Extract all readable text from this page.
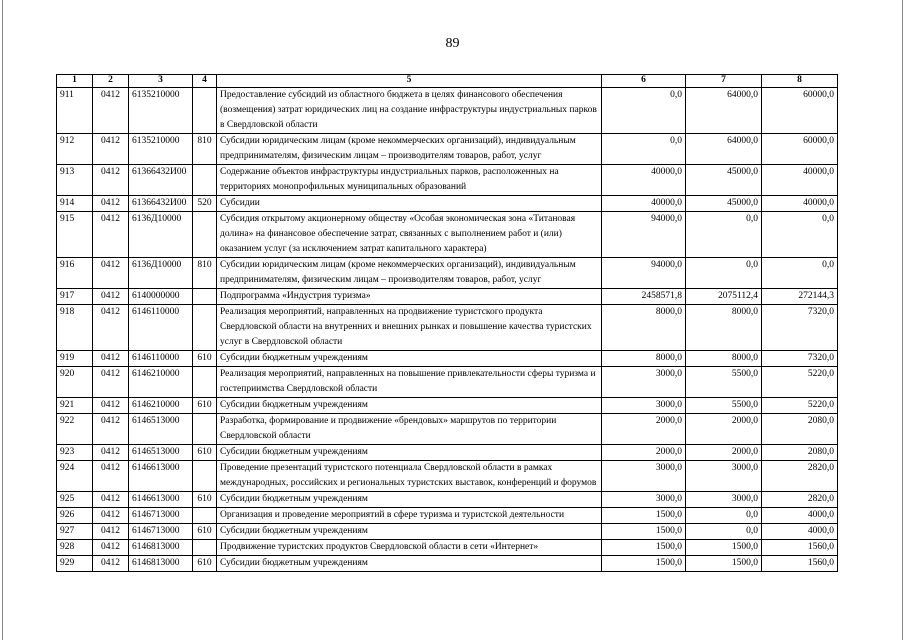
89
1	2	3	4	5	6	7	8
911	0412	6135210000		Предоставление субсидий из областного бюджета в целях финансового обеспечения (возмещения) затрат юридических лиц на создание инфраструктуры индустриальных парков в Свердловской области	0,0	64000,0	60000,0
912	0412	6135210000	810	Субсидии юридическим лицам (кроме некоммерческих организаций), индивидуальным предпринимателям, физическим лицам – производителям товаров, работ, услуг	0,0	64000,0	60000,0
913	0412	61366432И00		Содержание объектов инфраструктуры индустриальных парков, расположенных на территориях монопрофильных муниципальных образований	40000,0	45000,0	40000,0
914	0412	61366432И00	520	Субсидии	40000,0	45000,0	40000,0
915	0412	6136Д10000		Субсидия открытому акционерному обществу «Особая экономическая зона «Титановая долина» на финансовое обеспечение затрат, связанных с выполнением работ и (или) оказанием услуг (за исключением затрат капитального характера)	94000,0	0,0	0,0
916	0412	6136Д10000	810	Субсидии юридическим лицам (кроме некоммерческих организаций), индивидуальным предпринимателям, физическим лицам – производителям товаров, работ, услуг	94000,0	0,0	0,0
917	0412	6140000000		Подпрограмма «Индустрия туризма»	2458571,8	2075112,4	272144,3
918	0412	6146110000		Реализация мероприятий, направленных на продвижение туристского продукта Свердловской области на внутренних и внешних рынках и повышение качества туристских услуг в Свердловской области	8000,0	8000,0	7320,0
919	0412	6146110000	610	Субсидии бюджетным учреждениям	8000,0	8000,0	7320,0
920	0412	6146210000		Реализация мероприятий, направленных на повышение привлекательности сферы туризма и гостеприимства Свердловской области	3000,0	5500,0	5220,0
921	0412	6146210000	610	Субсидии бюджетным учреждениям	3000,0	5500,0	5220,0
922	0412	6146513000		Разработка, формирование и продвижение «брендовых» маршрутов по территории Свердловской области	2000,0	2000,0	2080,0
923	0412	6146513000	610	Субсидии бюджетным учреждениям	2000,0	2000,0	2080,0
924	0412	6146613000		Проведение презентаций туристского потенциала Свердловской области в рамках международных, российских и региональных туристских выставок, конференций и форумов	3000,0	3000,0	2820,0
925	0412	6146613000	610	Субсидии бюджетным учреждениям	3000,0	3000,0	2820,0
926	0412	6146713000		Организация и проведение мероприятий в сфере туризма и туристской деятельности	1500,0	0,0	4000,0
927	0412	6146713000	610	Субсидии бюджетным учреждениям	1500,0	0,0	4000,0
928	0412	6146813000		Продвижение туристских продуктов Свердловской области в сети «Интернет»	1500,0	1500,0	1560,0
929	0412	6146813000	610	Субсидии бюджетным учреждениям	1500,0	1500,0	1560,0
